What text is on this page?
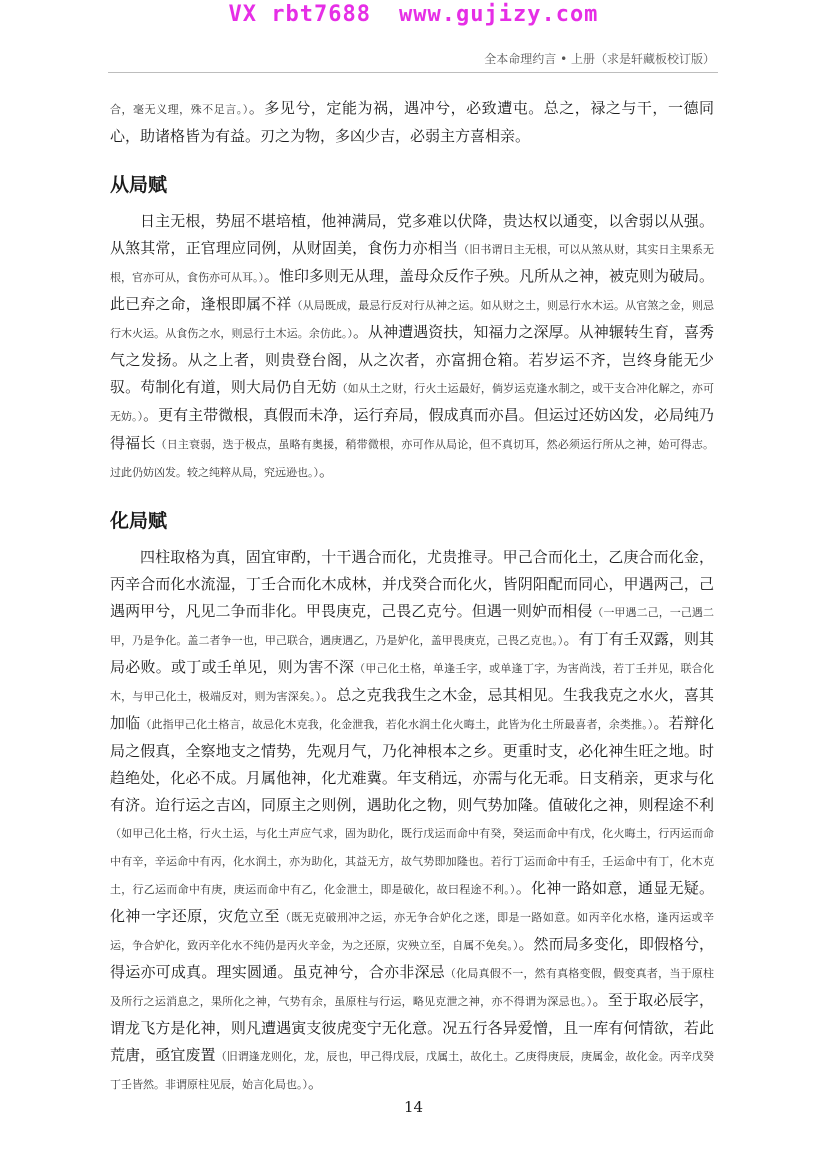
VX rbt7688 www.gujizy.com
全本命理约言 • 上册（求是轩藏板校订版）

合，毫无义理，殊不足言。）。多见兮，定能为祸，遇冲兮，必致遭屯。总之，禄之与干，一德同心，助诸格皆为有益。刃之为物，多凶少吉，必弱主方喜相亲。

从局赋

日主无根，势屈不堪培植，他神满局，党多难以伏降，贵达权以通变，以舍弱以从强。从煞其常，正官理应同例，从财固美，食伤力亦相当（旧书谓日主无根，可以从煞从财，其实日主果系无根，官亦可从，食伤亦可从耳。）。惟印多则无从理，盖母众反作子殃。凡所从之神，被克则为破局。此已弃之命，逢根即属不祥（从局既成，最忌行反对行从神之运。如从财之土，则忌行水木运。从官煞之金，则忌行木火运。从食伤之水，则忌行土木运。余仿此。）。从神遭遇资扶，知福力之深厚。从神辗转生育，喜秀气之发扬。从之上者，则贵登台阁，从之次者，亦富拥仓箱。若岁运不齐，岂终身能无少驭。苟制化有道，则大局仍自无妨（如从土之财，行火土运最好，倘岁运克逢水制之，或干支合冲化解之，亦可无妨。）。更有主带微根，真假而未净，运行弃局，假成真而亦昌。但运过还妨凶发，必局纯乃得福长（日主衰弱，迭于极点，虽略有奥援，稍带微根，亦可作从局论，但不真切耳，然必须运行所从之神，始可得志。过此仍妨凶发。较之纯粹从局，究远逊也。）。

化局赋

四柱取格为真，固宜审酌，十干遇合而化，尤贵推寻。甲己合而化土，乙庚合而化金，丙辛合而化水流湿，丁壬合而化木成林，并戊癸合而化火，皆阴阳配而同心，甲遇两己，己遇两甲兮，凡见二争而非化。甲畏庚克，己畏乙克兮。但遇一则妒而相侵（一甲遇二己，一己遇二甲，乃是争化。盖二者争一也，甲己联合，遇庚遇乙，乃是妒化，盖甲畏庚克，己畏乙克也。）。有丁有壬双露，则其局必败。或丁或壬单见，则为害不深（甲己化土格，单逢壬字，或单逢丁字，为害尚浅，若丁壬并见，联合化木，与甲己化土，极端反对，则为害深矣。）。总之克我我生之木金，忌其相见。生我我克之水火，喜其加临（此指甲己化土格言，故忌化木克我，化金泄我，若化水润土化火晦土，此皆为化土所最喜者，余类推。）。若辩化局之假真，全察地支之情势，先观月气，乃化神根本之乡。更重时支，必化神生旺之地。时趋绝处，化必不成。月属他神，化尤难冀。年支稍远，亦需与化无乖。日支稍亲，更求与化有济。迨行运之吉凶，同原主之则例，遇助化之物，则气势加隆。值破化之神，则程途不利（如甲己化土格，行火土运，与化土声应气求，固为助化，既行戊运而命中有癸，癸运而命中有戊，化火晦土，行丙运而命中有辛，辛运命中有丙，化水润土，亦为助化，其益无方，故气势即加隆也。若行丁运而命中有壬，壬运命中有丁，化木克土，行乙运而命中有庚，庚运而命中有乙，化金泄土，即是破化，故曰程途不利。）。化神一路如意，通显无疑。化神一字还原，灾危立至（既无克破刑冲之运，亦无争合妒化之迷，即是一路如意。如丙辛化水格，逢丙运或辛运，争合妒化，致丙辛化水不纯仍是丙火辛金，为之还原，灾殃立至，自属不免矣。）。然而局多变化，即假格兮，得运亦可成真。理实圆通。虽克神兮，合亦非深忌（化局真假不一，然有真格变假，假变真者，当于原柱及所行之运消息之，果所化之神，气势有余，虽原柱与行运，略见克泄之神，亦不得谓为深忌也。）。至于取必辰字，谓龙飞方是化神，则凡遭遇寅支彼虎变宁无化意。况五行各异爱憎，且一库有何情欲，若此荒唐，亟宜废置（旧谓逢龙则化，龙，辰也，甲己得戊辰，戊属土，故化土。乙庚得庚辰，庚属金，故化金。丙辛戊癸丁壬皆然。非谓原柱见辰，始言化局也。）。

14
